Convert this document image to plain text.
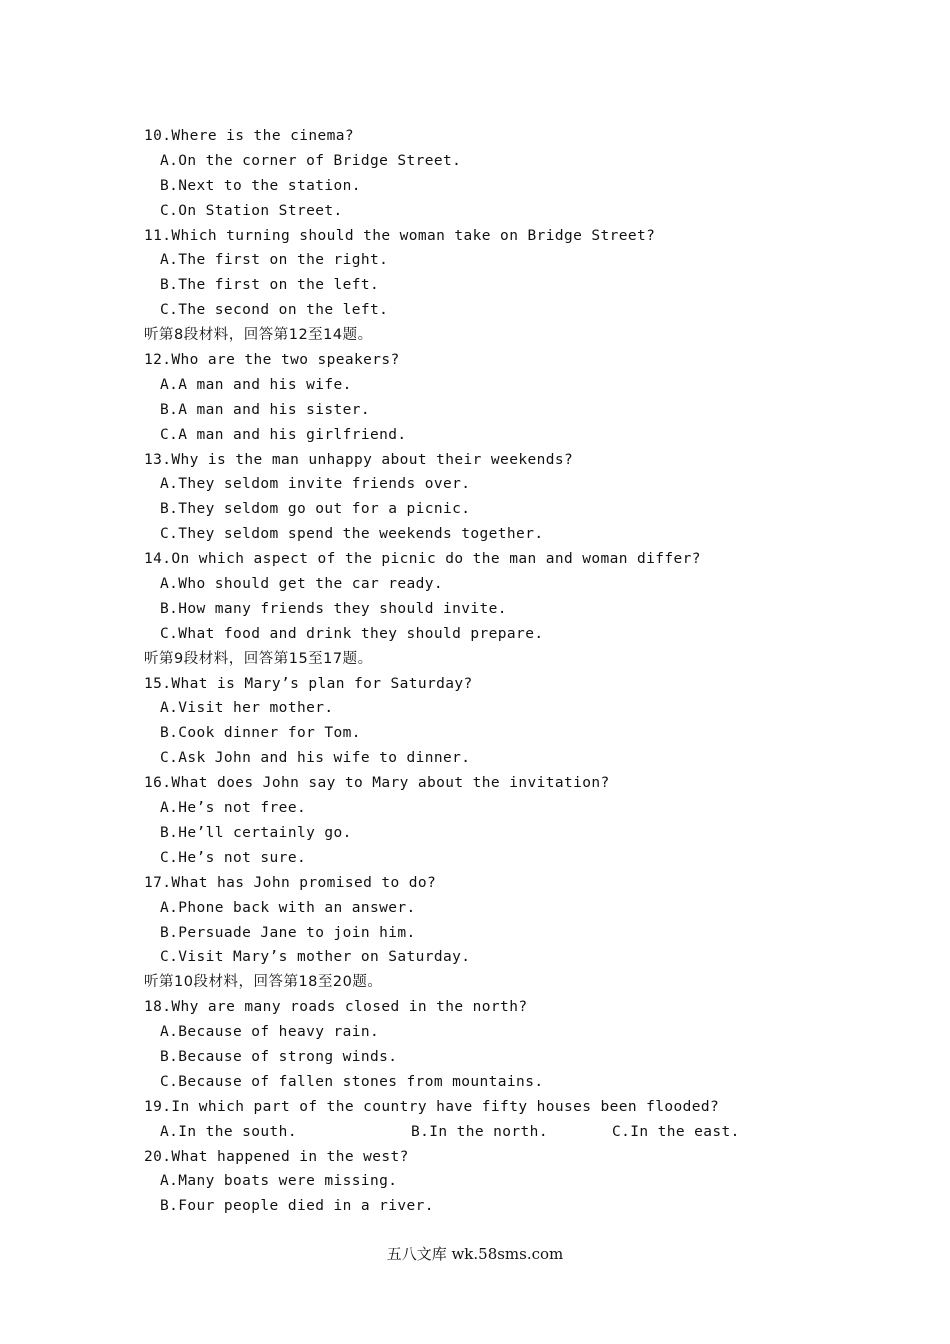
10.Where is the cinema?
A.On the corner of Bridge Street.
B.Next to the station.
C.On Station Street.
11.Which turning should the woman take on Bridge Street?
A.The first on the right.
B.The first on the left.
C.The second on the left.
听第8段材料，回答第12至14题。
12.Who are the two speakers?
A.A man and his wife.
B.A man and his sister.
C.A man and his girlfriend.
13.Why is the man unhappy about their weekends?
A.They seldom invite friends over.
B.They seldom go out for a picnic.
C.They seldom spend the weekends together.
14.On which aspect of the picnic do the man and woman differ?
A.Who should get the car ready.
B.How many friends they should invite.
C.What food and drink they should prepare.
听第9段材料，回答第15至17题。
15.What is Mary’s plan for Saturday?
A.Visit her mother.
B.Cook dinner for Tom.
C.Ask John and his wife to dinner.
16.What does John say to Mary about the invitation?
A.He’s not free.
B.He’ll certainly go.
C.He’s not sure.
17.What has John promised to do?
A.Phone back with an answer.
B.Persuade Jane to join him.
C.Visit Mary’s mother on Saturday.
听第10段材料，回答第18至20题。
18.Why are many roads closed in the north?
A.Because of heavy rain.
B.Because of strong winds.
C.Because of fallen stones from mountains.
19.In which part of the country have fifty houses been flooded?
A.In the south.	B.In the north.	C.In the east.
20.What happened in the west?
A.Many boats were missing.
B.Four people died in a river.
五八文库 wk.58sms.com
